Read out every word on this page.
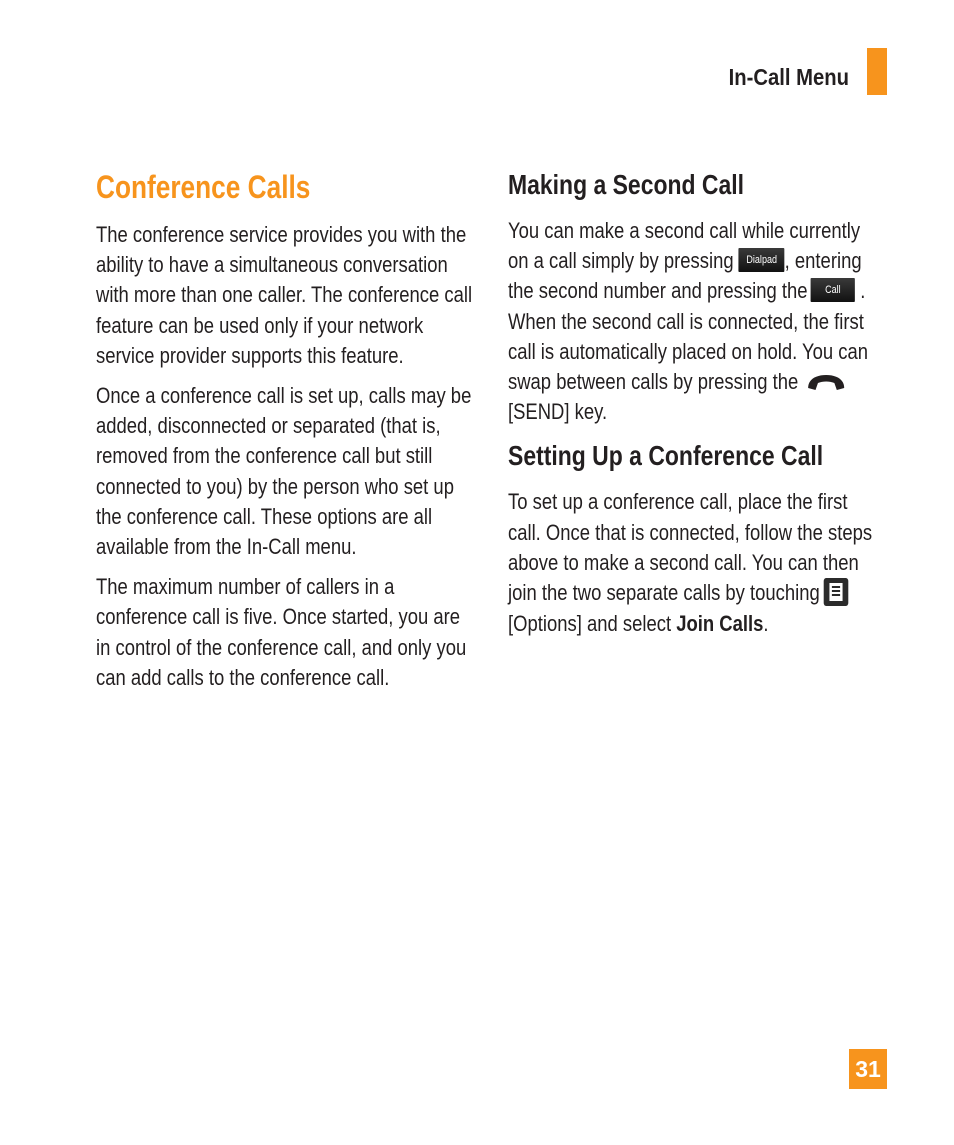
In-Call Menu
Conference Calls

The conference service provides you with the ability to have a simultaneous conversation with more than one caller. The conference call feature can be used only if your network service provider supports this feature.

Once a conference call is set up, calls may be added, disconnected or separated (that is, removed from the conference call but still connected to you) by the person who set up the conference call. These options are all available from the In-Call menu.

The maximum number of callers in a conference call is five. Once started, you are in control of the conference call, and only you can add calls to the conference call.

Making a Second Call

You can make a second call while currently on a call simply by pressing Dialpad , entering the second number and pressing the Call . When the second call is connected, the first call is automatically placed on hold. You can swap between calls by pressing the [SEND] key.

Setting Up a Conference Call

To set up a conference call, place the first call. Once that is connected, follow the steps above to make a second call. You can then join the two separate calls by touching [Options] and select Join Calls.

31
